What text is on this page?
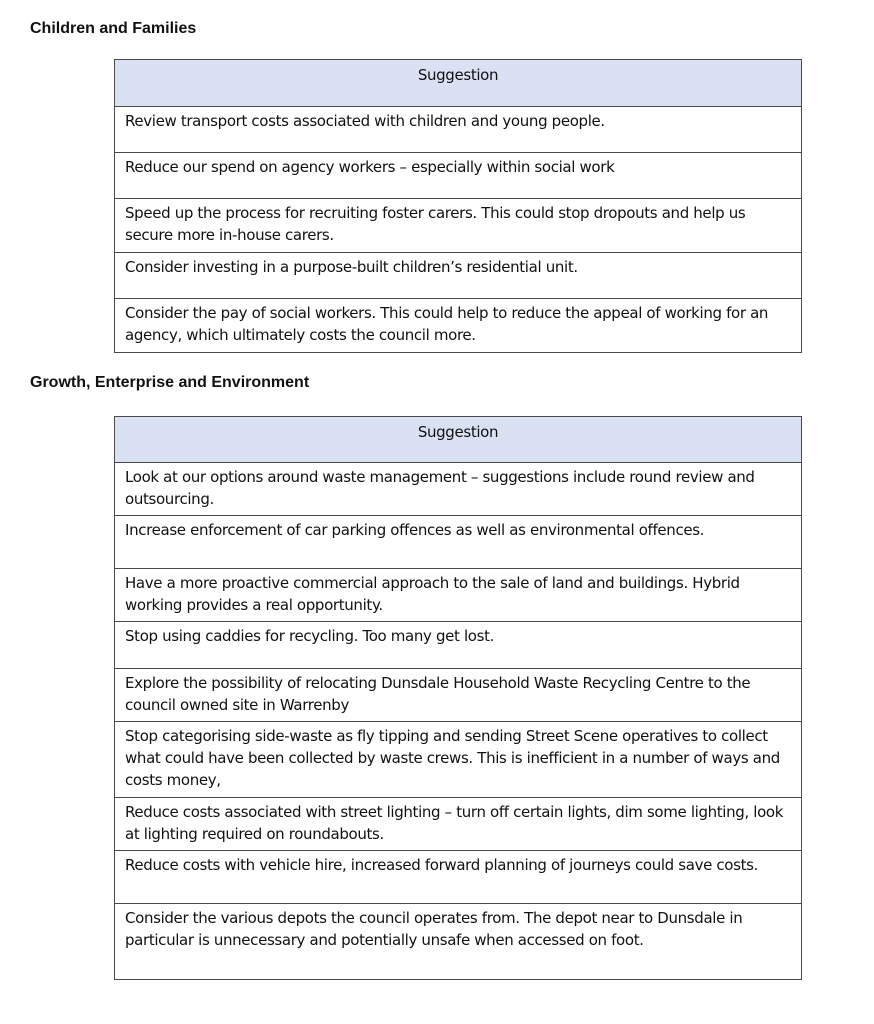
Children and Families
Suggestion
Review transport costs associated with children and young people.
Reduce our spend on agency workers – especially within social work
Speed up the process for recruiting foster carers. This could stop dropouts and help us secure more in-house carers.
Consider investing in a purpose-built children’s residential unit.
Consider the pay of social workers. This could help to reduce the appeal of working for an agency, which ultimately costs the council more.
Growth, Enterprise and Environment
Suggestion
Look at our options around waste management – suggestions include round review and outsourcing.
Increase enforcement of car parking offences as well as environmental offences.
Have a more proactive commercial approach to the sale of land and buildings. Hybrid working provides a real opportunity.
Stop using caddies for recycling. Too many get lost.
Explore the possibility of relocating Dunsdale Household Waste Recycling Centre to the council owned site in Warrenby
Stop categorising side-waste as fly tipping and sending Street Scene operatives to collect what could have been collected by waste crews. This is inefficient in a number of ways and costs money,
Reduce costs associated with street lighting – turn off certain lights, dim some lighting, look at lighting required on roundabouts.
Reduce costs with vehicle hire, increased forward planning of journeys could save costs.
Consider the various depots the council operates from. The depot near to Dunsdale in particular is unnecessary and potentially unsafe when accessed on foot.
